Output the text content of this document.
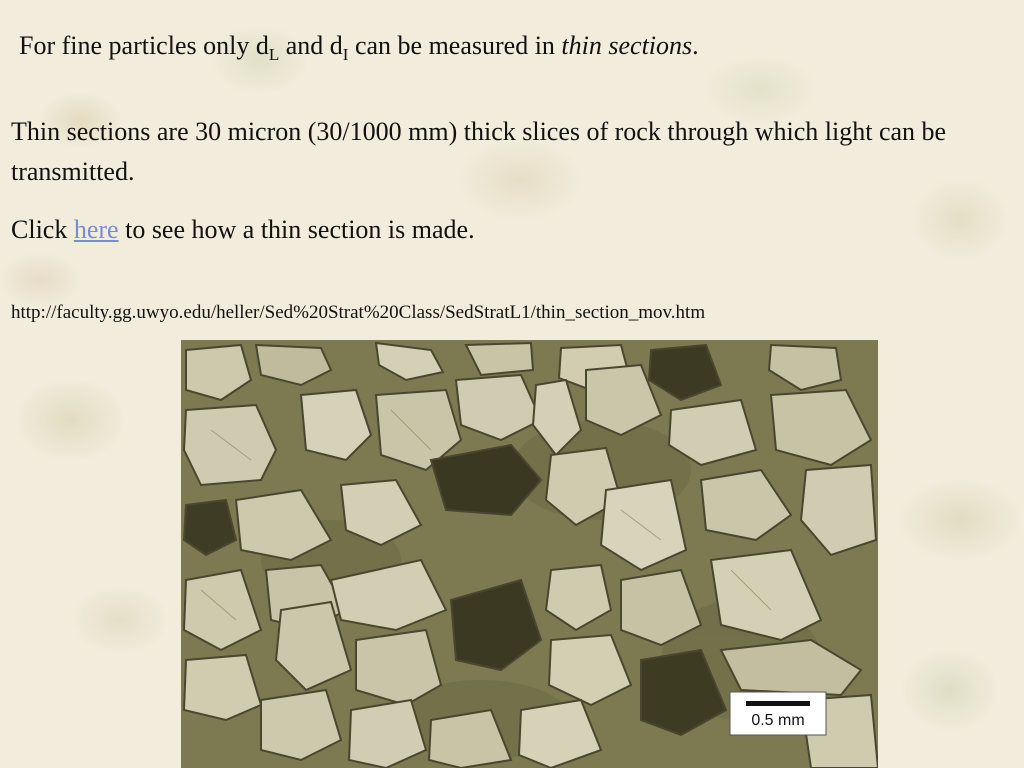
For fine particles only $d_L$ and $d_I$ can be measured in thin sections.
Thin sections are 30 micron (30/1000 mm) thick slices of rock through which light can be transmitted.
Click here to see how a thin section is made.
http://faculty.gg.uwyo.edu/heller/Sed%20Strat%20Class/SedStratL1/thin_section_mov.htm
0.5 mm
